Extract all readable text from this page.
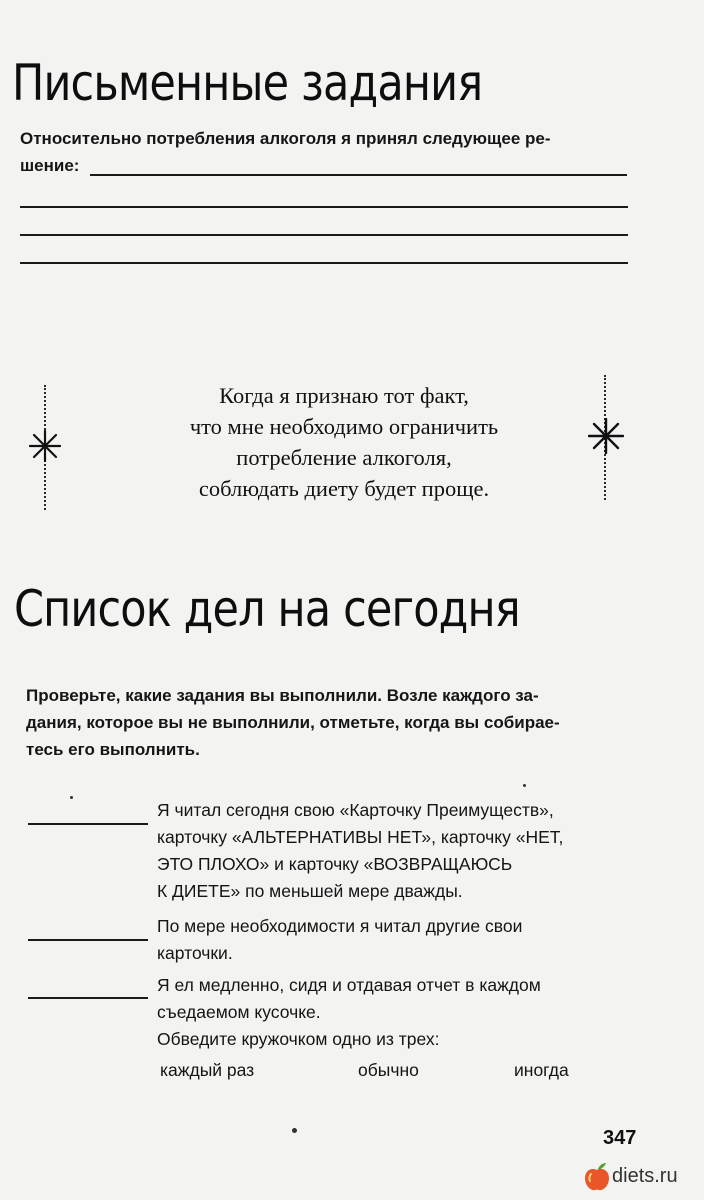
Письменные задания
Относительно потребления алкоголя я принял следующее ре-
шение:
Когда я признаю тот факт,
что мне необходимо ограничить
потребление алкоголя,
соблюдать диету будет проще.
Список дел на сегодня
Проверьте, какие задания вы выполнили. Возле каждого за-
дания, которое вы не выполнили, отметьте, когда вы собирае-
тесь его выполнить.
Я читал сегодня свою «Карточку Преимуществ»,
карточку «АЛЬТЕРНАТИВЫ НЕТ», карточку «НЕТ,
ЭТО ПЛОХО» и карточку «ВОЗВРАЩАЮСЬ
К ДИЕТЕ» по меньшей мере дважды.
По мере необходимости я читал другие свои
карточки.
Я ел медленно, сидя и отдавая отчет в каждом
съедаемом кусочке.
Обведите кружочком одно из трех:
каждый раз	обычно	иногда
347
diets.ru
